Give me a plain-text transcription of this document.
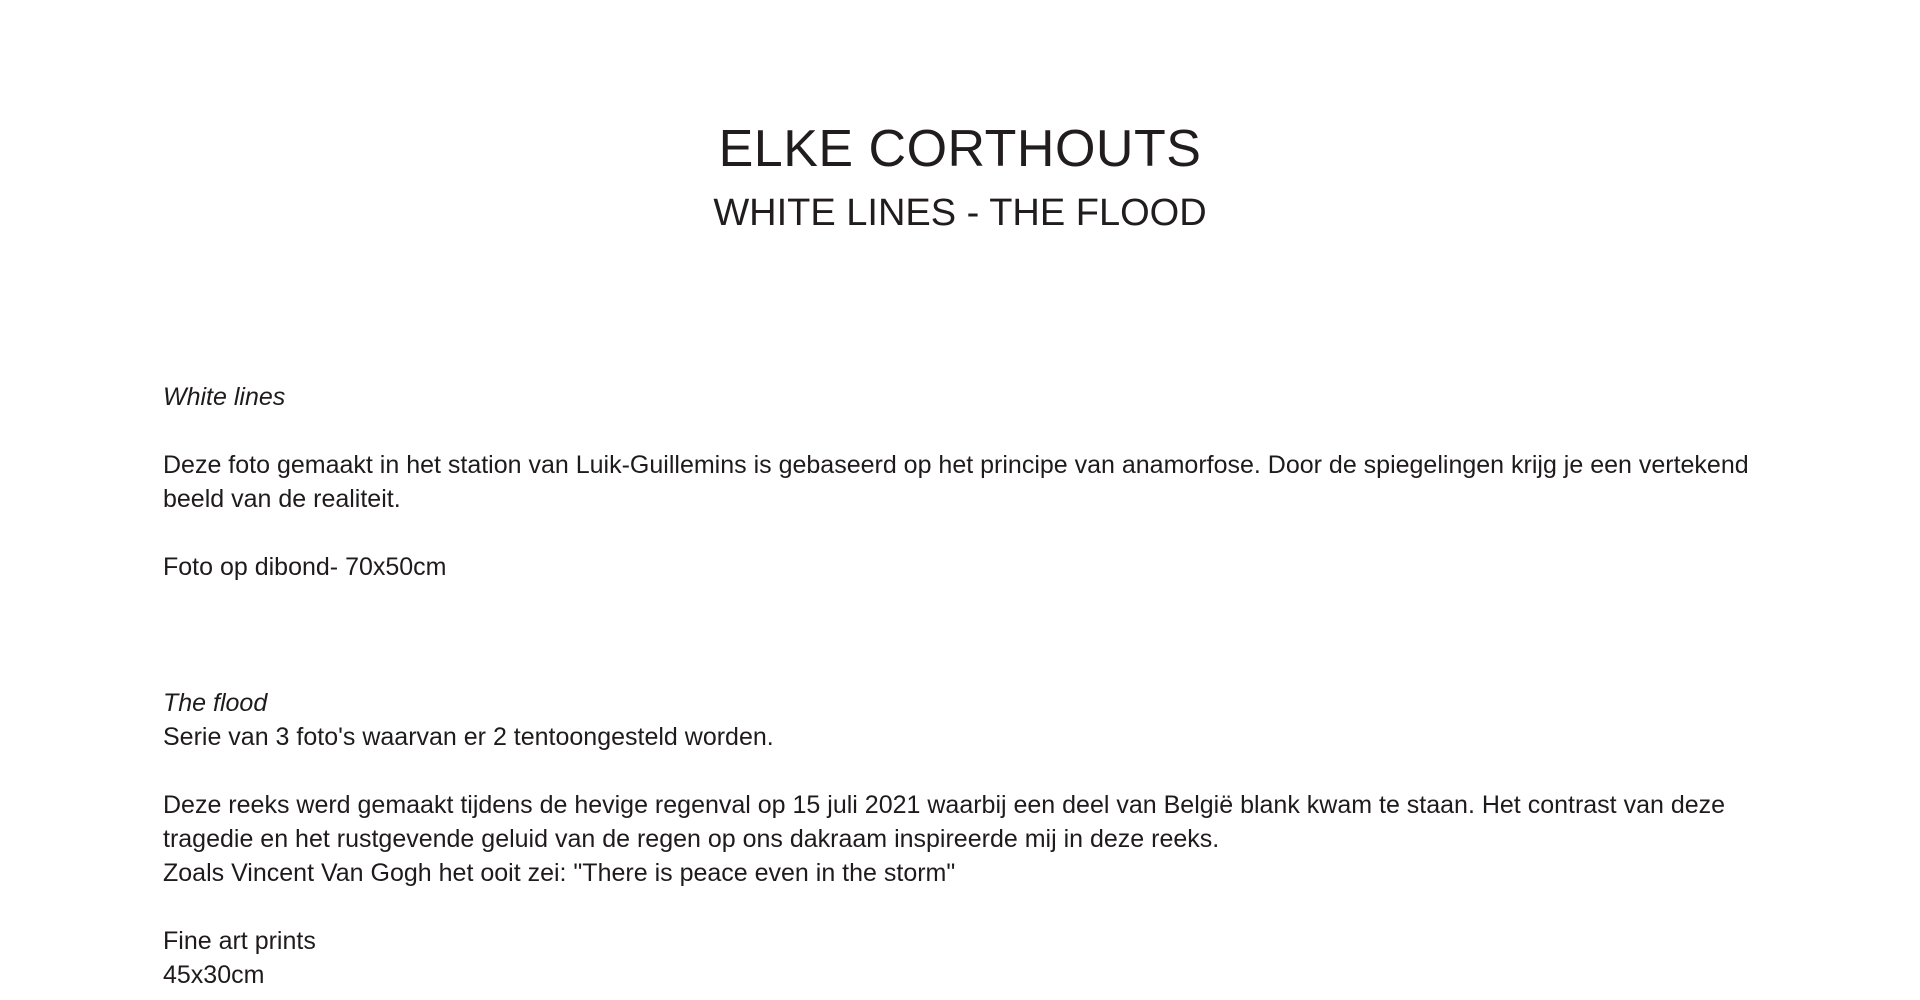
ELKE CORTHOUTS
WHITE LINES - THE FLOOD

White lines

Deze foto gemaakt in het station van Luik-Guillemins is gebaseerd op het principe van anamorfose. Door de spiegelingen krijg je een vertekend beeld van de realiteit.

Foto op dibond- 70x50cm

The flood

Serie van 3 foto's waarvan er 2 tentoongesteld worden.

Deze reeks werd gemaakt tijdens de hevige regenval op 15 juli 2021 waarbij een deel van België blank kwam te staan. Het contrast van deze tragedie en het rustgevende geluid van de regen op ons dakraam inspireerde mij in deze reeks.

Zoals Vincent Van Gogh het ooit zei: "There is peace even in the storm"

Fine art prints

45x30cm
